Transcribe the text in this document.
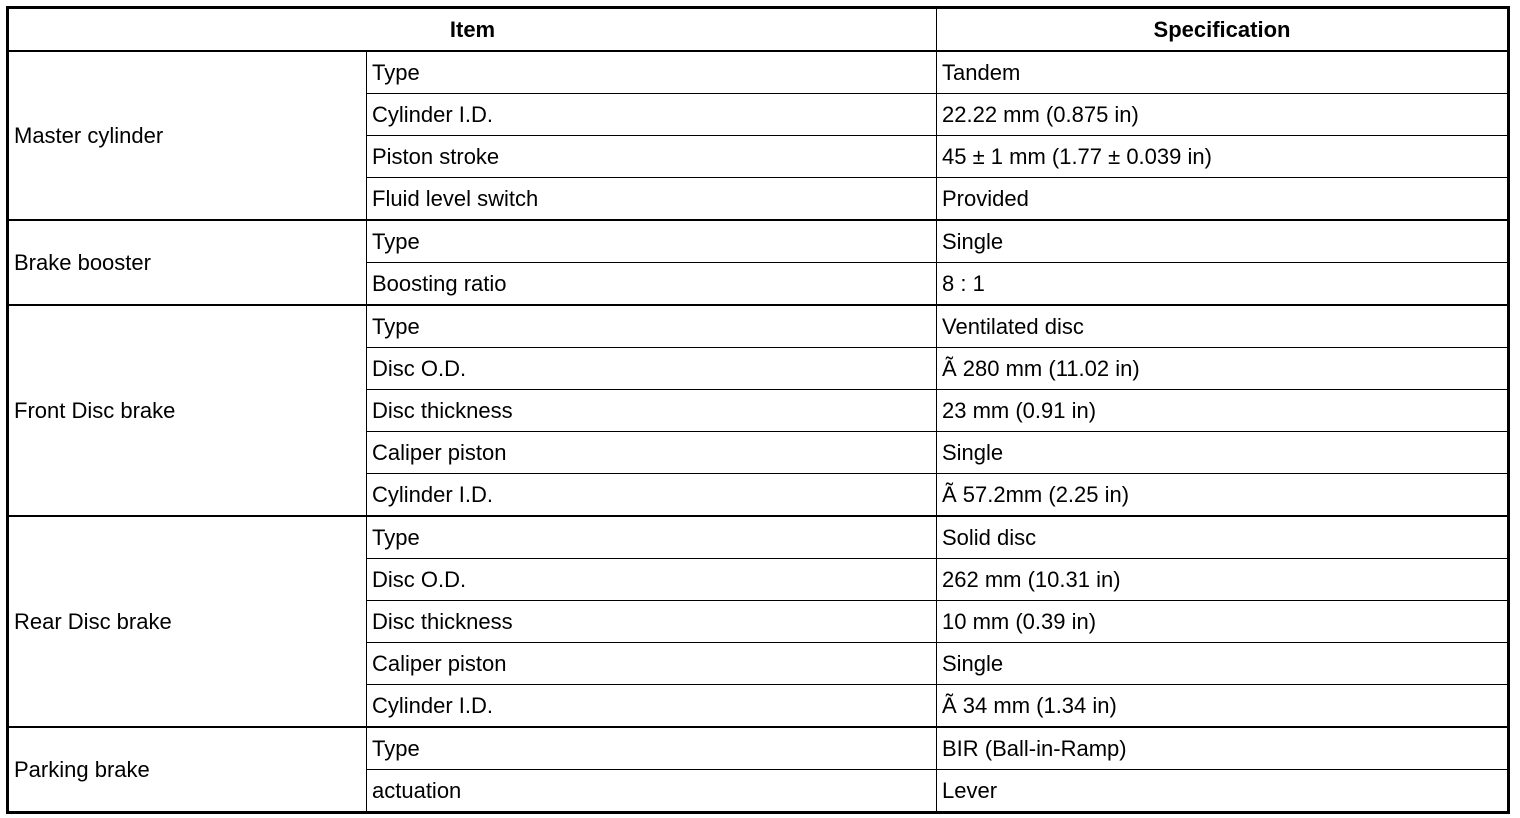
Item		Specification
Master cylinder	Type	Tandem
	Cylinder I.D.	22.22 mm (0.875 in)
	Piston stroke	45 ± 1 mm (1.77 ± 0.039 in)
	Fluid level switch	Provided
Brake booster	Type	Single
	Boosting ratio	8 : 1
Front Disc brake	Type	Ventilated disc
	Disc O.D.	Ã 280 mm (11.02 in)
	Disc thickness	23 mm (0.91 in)
	Caliper piston	Single
	Cylinder I.D.	Ã 57.2mm (2.25 in)
Rear Disc brake	Type	Solid disc
	Disc O.D.	262 mm (10.31 in)
	Disc thickness	10 mm (0.39 in)
	Caliper piston	Single
	Cylinder I.D.	Ã 34 mm (1.34 in)
Parking brake	Type	BIR (Ball-in-Ramp)
	actuation	Lever
